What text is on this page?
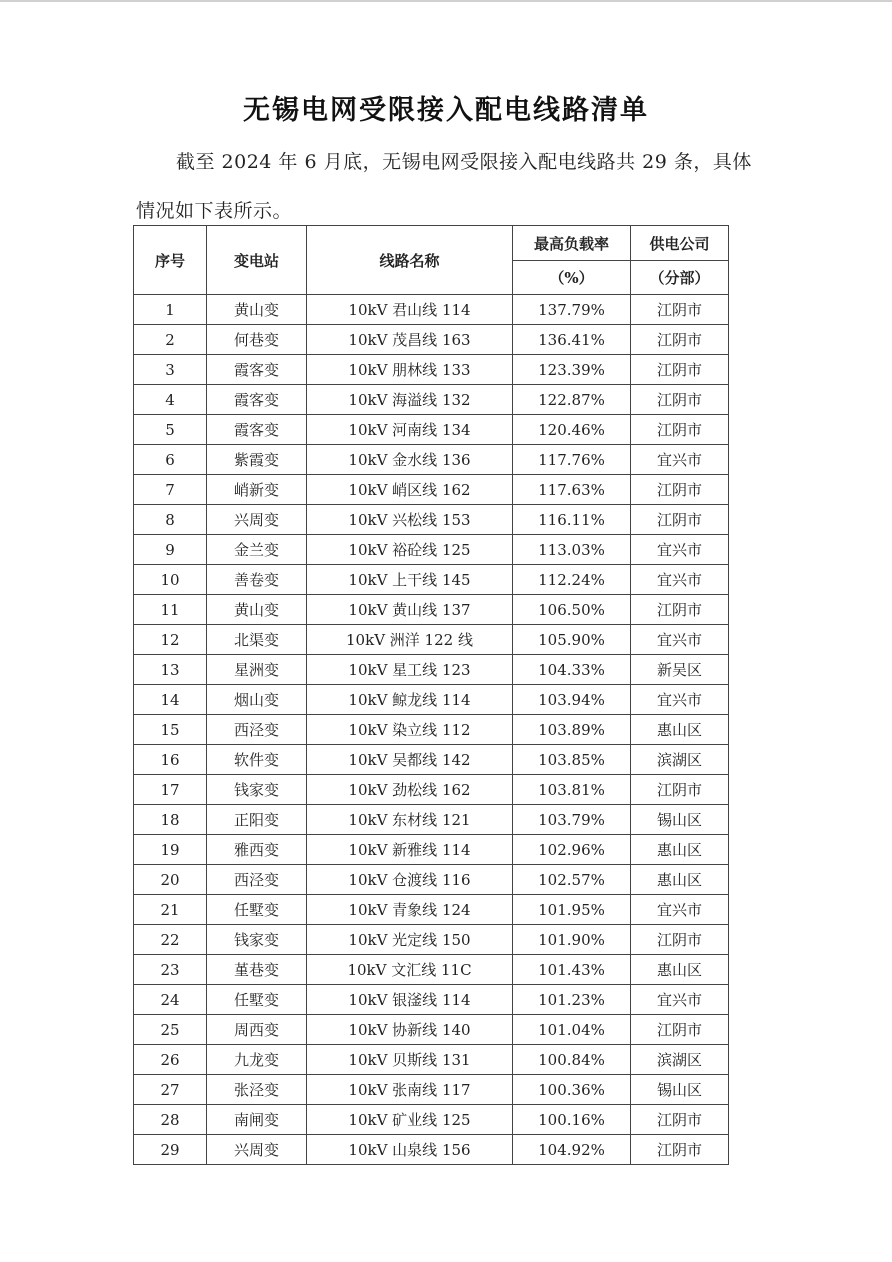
无锡电网受限接入配电线路清单
截至 2024 年 6 月底，无锡电网受限接入配电线路共 29 条，具体情况如下表所示。
序号	变电站	线路名称	最高负载率	供电公司
			（%）	（分部）
1	黄山变	10kV 君山线 114	137.79%	江阴市
2	何巷变	10kV 茂昌线 163	136.41%	江阴市
3	霞客变	10kV 朋林线 133	123.39%	江阴市
4	霞客变	10kV 海溢线 132	122.87%	江阴市
5	霞客变	10kV 河南线 134	120.46%	江阴市
6	紫霞变	10kV 金水线 136	117.76%	宜兴市
7	峭新变	10kV 峭区线 162	117.63%	江阴市
8	兴周变	10kV 兴松线 153	116.11%	江阴市
9	金兰变	10kV 裕砼线 125	113.03%	宜兴市
10	善卷变	10kV 上干线 145	112.24%	宜兴市
11	黄山变	10kV 黄山线 137	106.50%	江阴市
12	北渠变	10kV 洲洋 122 线	105.90%	宜兴市
13	星洲变	10kV 星工线 123	104.33%	新吴区
14	烟山变	10kV 鲸龙线 114	103.94%	宜兴市
15	西泾变	10kV 染立线 112	103.89%	惠山区
16	软件变	10kV 吴都线 142	103.85%	滨湖区
17	钱家变	10kV 劲松线 162	103.81%	江阴市
18	正阳变	10kV 东材线 121	103.79%	锡山区
19	雅西变	10kV 新雅线 114	102.96%	惠山区
20	西泾变	10kV 仓渡线 116	102.57%	惠山区
21	任墅变	10kV 青象线 124	101.95%	宜兴市
22	钱家变	10kV 光定线 150	101.90%	江阴市
23	堇巷变	10kV 文汇线 11C	101.43%	惠山区
24	任墅变	10kV 银滏线 114	101.23%	宜兴市
25	周西变	10kV 协新线 140	101.04%	江阴市
26	九龙变	10kV 贝斯线 131	100.84%	滨湖区
27	张泾变	10kV 张南线 117	100.36%	锡山区
28	南闸变	10kV 矿业线 125	100.16%	江阴市
29	兴周变	10kV 山泉线 156	104.92%	江阴市
